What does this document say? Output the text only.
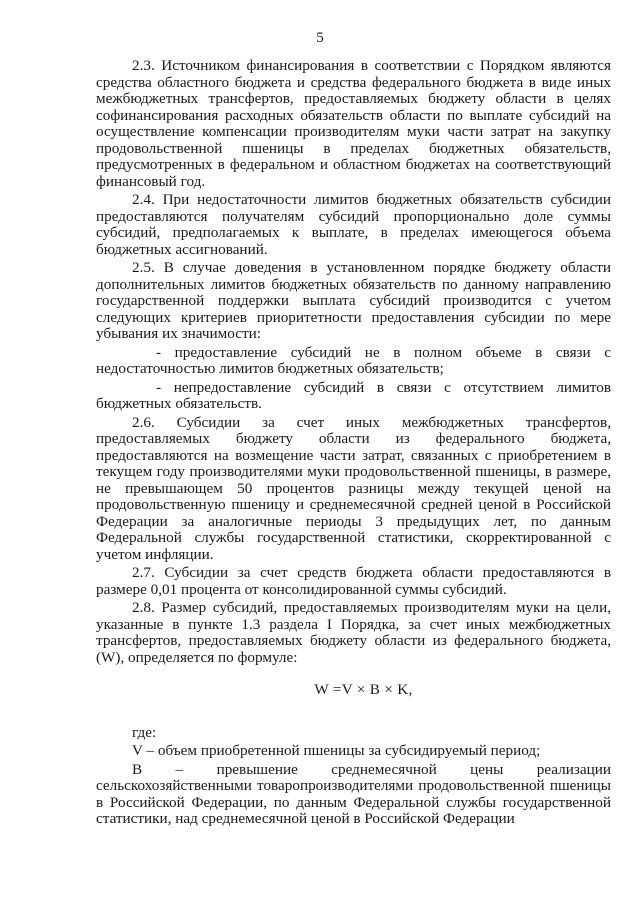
5

2.3. Источником финансирования в соответствии с Порядком являются средства областного бюджета и средства федерального бюджета в виде иных межбюджетных трансфертов, предоставляемых бюджету области в целях софинансирования расходных обязательств области по выплате субсидий на осуществление компенсации производителям муки части затрат на закупку продовольственной пшеницы в пределах бюджетных обязательств, предусмотренных в федеральном и областном бюджетах на соответствующий финансовый год.

2.4. При недостаточности лимитов бюджетных обязательств субсидии предоставляются получателям субсидий пропорционально доле суммы субсидий, предполагаемых к выплате, в пределах имеющегося объема бюджетных ассигнований.

2.5. В случае доведения в установленном порядке бюджету области дополнительных лимитов бюджетных обязательств по данному направлению государственной поддержки выплата субсидий производится с учетом следующих критериев приоритетности предоставления субсидии по мере убывания их значимости:

- предоставление субсидий не в полном объеме в связи с недостаточностью лимитов бюджетных обязательств;

- непредоставление субсидий в связи с отсутствием лимитов бюджетных обязательств.

2.6. Субсидии за счет иных межбюджетных трансфертов, предоставляемых бюджету области из федерального бюджета, предоставляются на возмещение части затрат, связанных с приобретением в текущем году производителями муки продовольственной пшеницы, в размере, не превышающем 50 процентов разницы между текущей ценой на продовольственную пшеницу и среднемесячной средней ценой в Российской Федерации за аналогичные периоды 3 предыдущих лет, по данным Федеральной службы государственной статистики, скорректированной с учетом инфляции.

2.7. Субсидии за счет средств бюджета области предоставляются в размере 0,01 процента от консолидированной суммы субсидий.

2.8. Размер субсидий, предоставляемых производителям муки на цели, указанные в пункте 1.3 раздела I Порядка, за счет иных межбюджетных трансфертов, предоставляемых бюджету области из федерального бюджета, (W), определяется по формуле:

W =V × B × K,

где:

V – объем приобретенной пшеницы за субсидируемый период;

B – превышение среднемесячной цены реализации сельскохозяйственными товаропроизводителями продовольственной пшеницы в Российской Федерации, по данным Федеральной службы государственной статистики, над среднемесячной ценой в Российской Федерации
